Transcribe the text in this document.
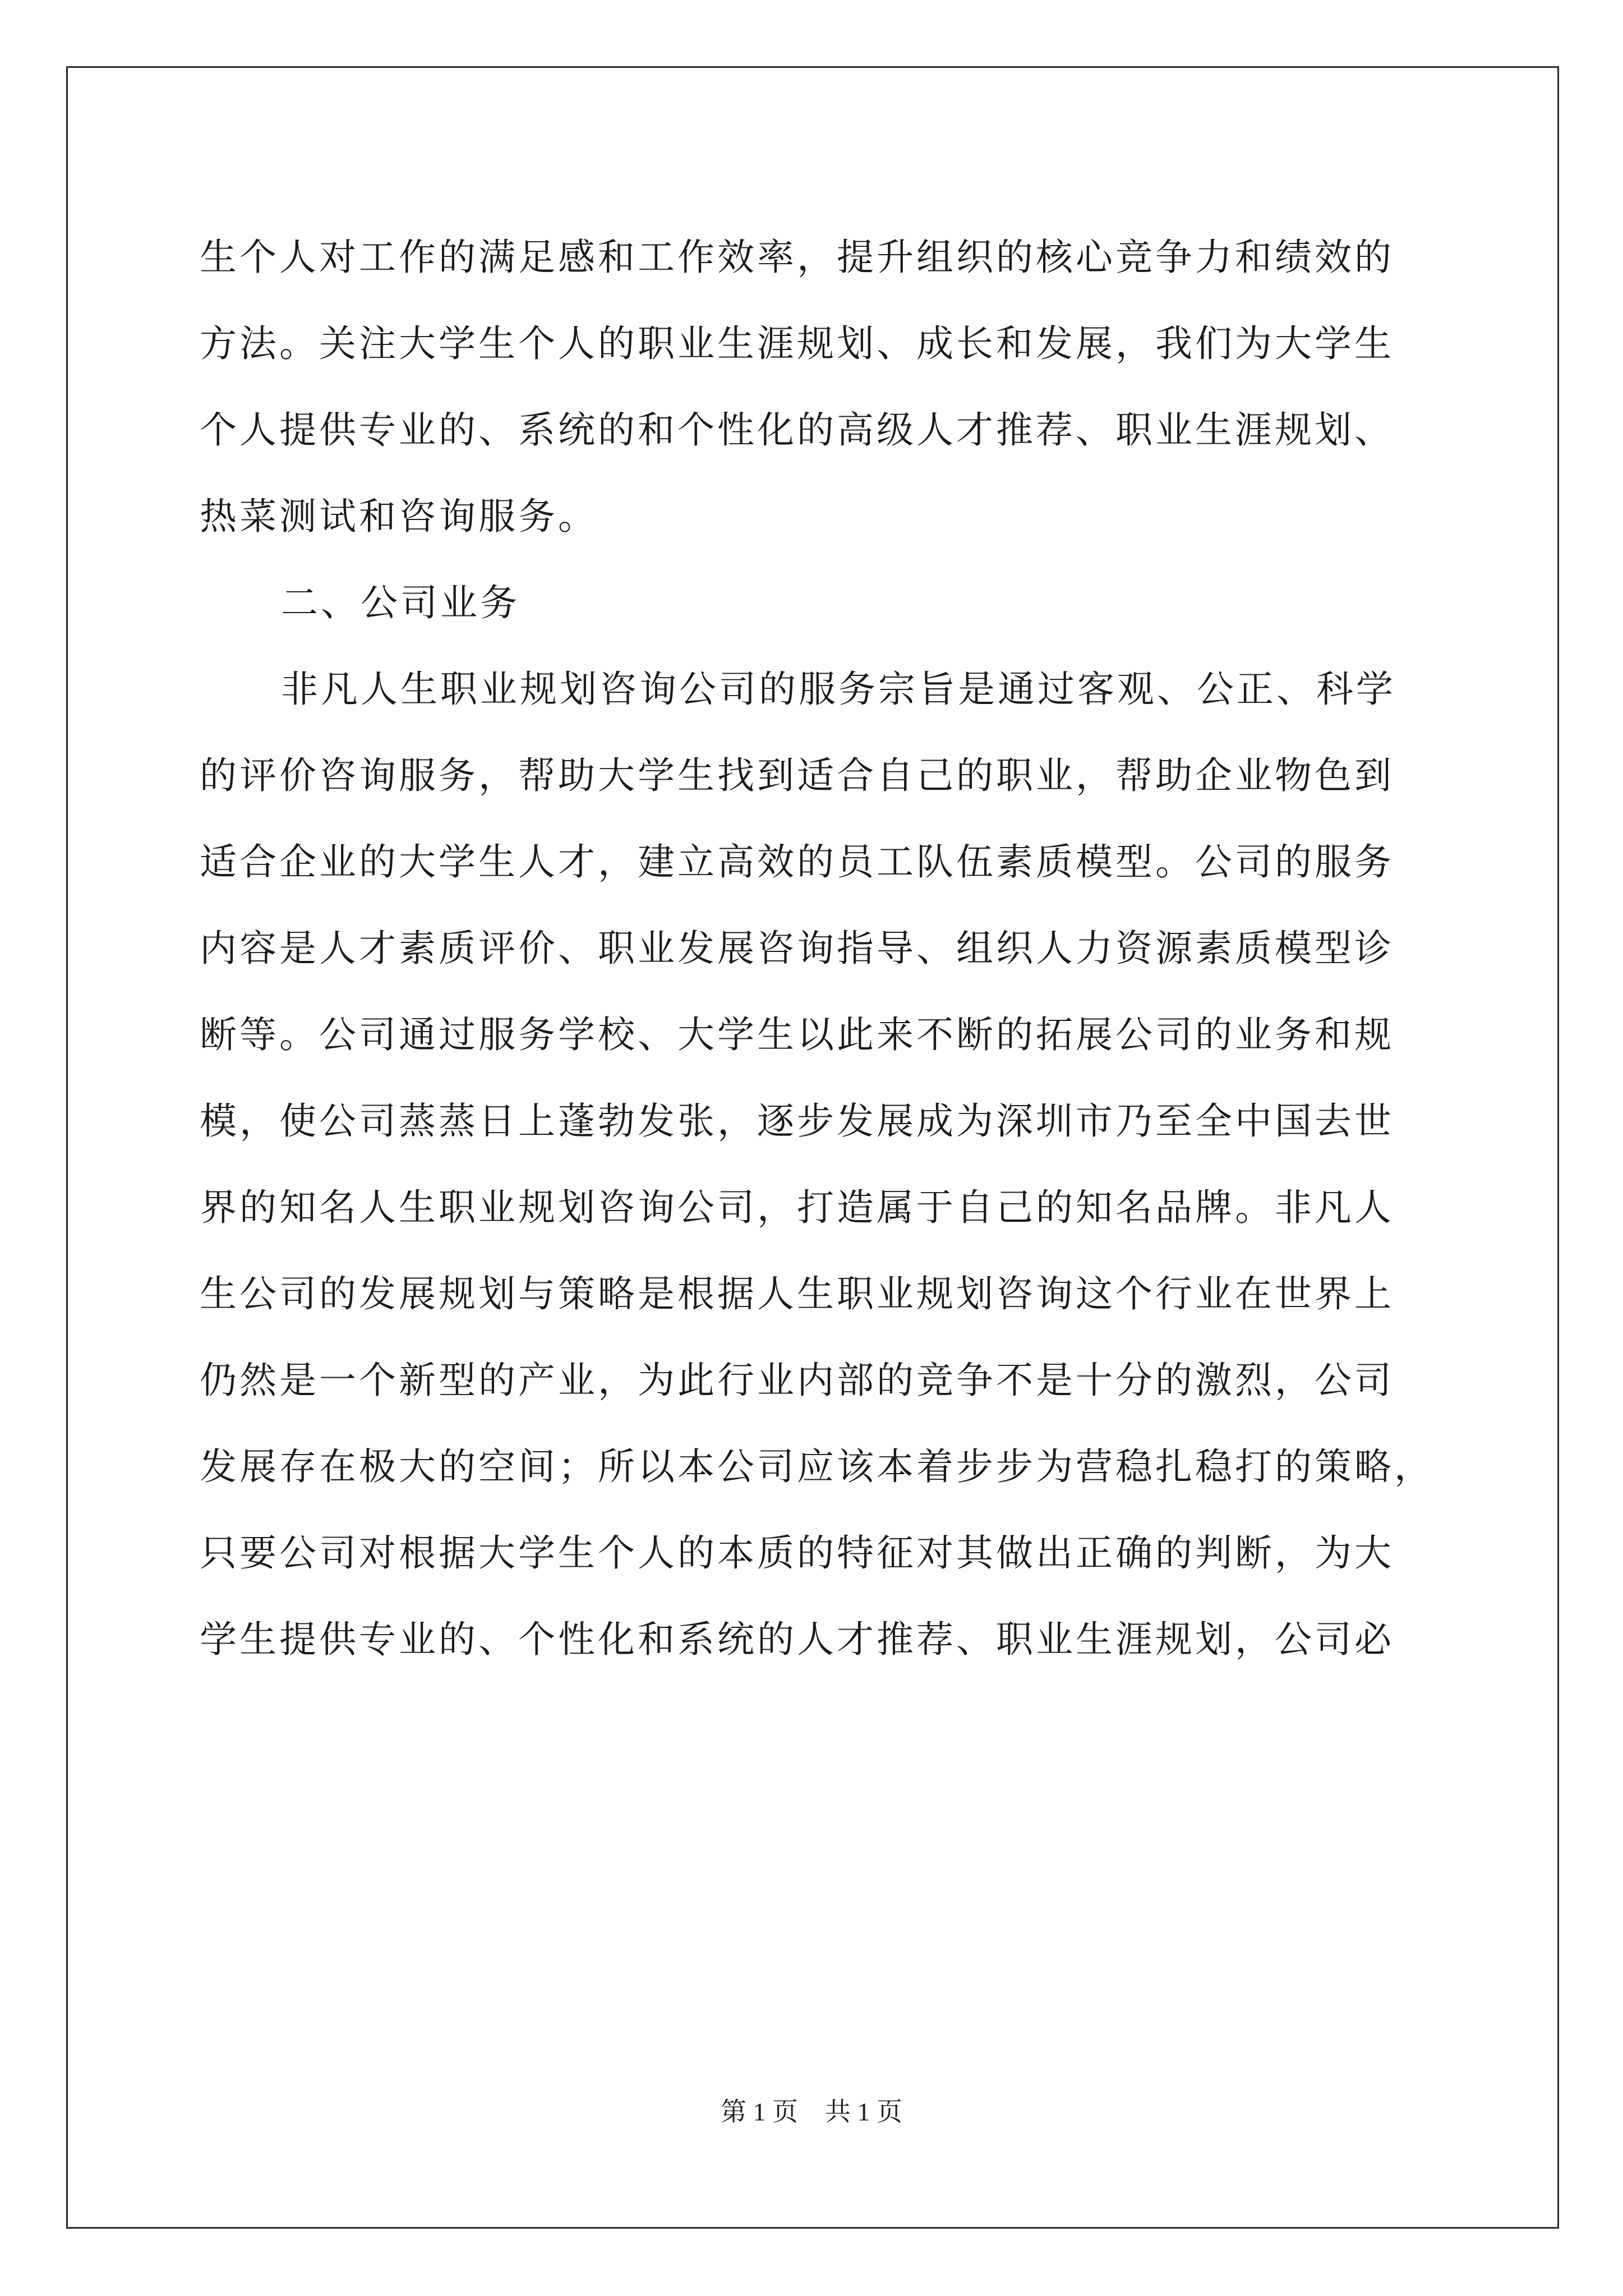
生个人对工作的满足感和工作效率，提升组织的核心竞争力和绩效的
方法。关注大学生个人的职业生涯规划、成长和发展，我们为大学生
个人提供专业的、系统的和个性化的高级人才推荐、职业生涯规划、
热菜测试和咨询服务。
二、公司业务
非凡人生职业规划咨询公司的服务宗旨是通过客观、公正、科学
的评价咨询服务，帮助大学生找到适合自己的职业，帮助企业物色到
适合企业的大学生人才，建立高效的员工队伍素质模型。公司的服务
内容是人才素质评价、职业发展咨询指导、组织人力资源素质模型诊
断等。公司通过服务学校、大学生以此来不断的拓展公司的业务和规
模，使公司蒸蒸日上蓬勃发张，逐步发展成为深圳市乃至全中国去世
界的知名人生职业规划咨询公司，打造属于自己的知名品牌。非凡人
生公司的发展规划与策略是根据人生职业规划咨询这个行业在世界上
仍然是一个新型的产业，为此行业内部的竞争不是十分的激烈，公司
发展存在极大的空间；所以本公司应该本着步步为营稳扎稳打的策略，
只要公司对根据大学生个人的本质的特征对其做出正确的判断，为大
学生提供专业的、个性化和系统的人才推荐、职业生涯规划，公司必
第 1 页 共 1 页
